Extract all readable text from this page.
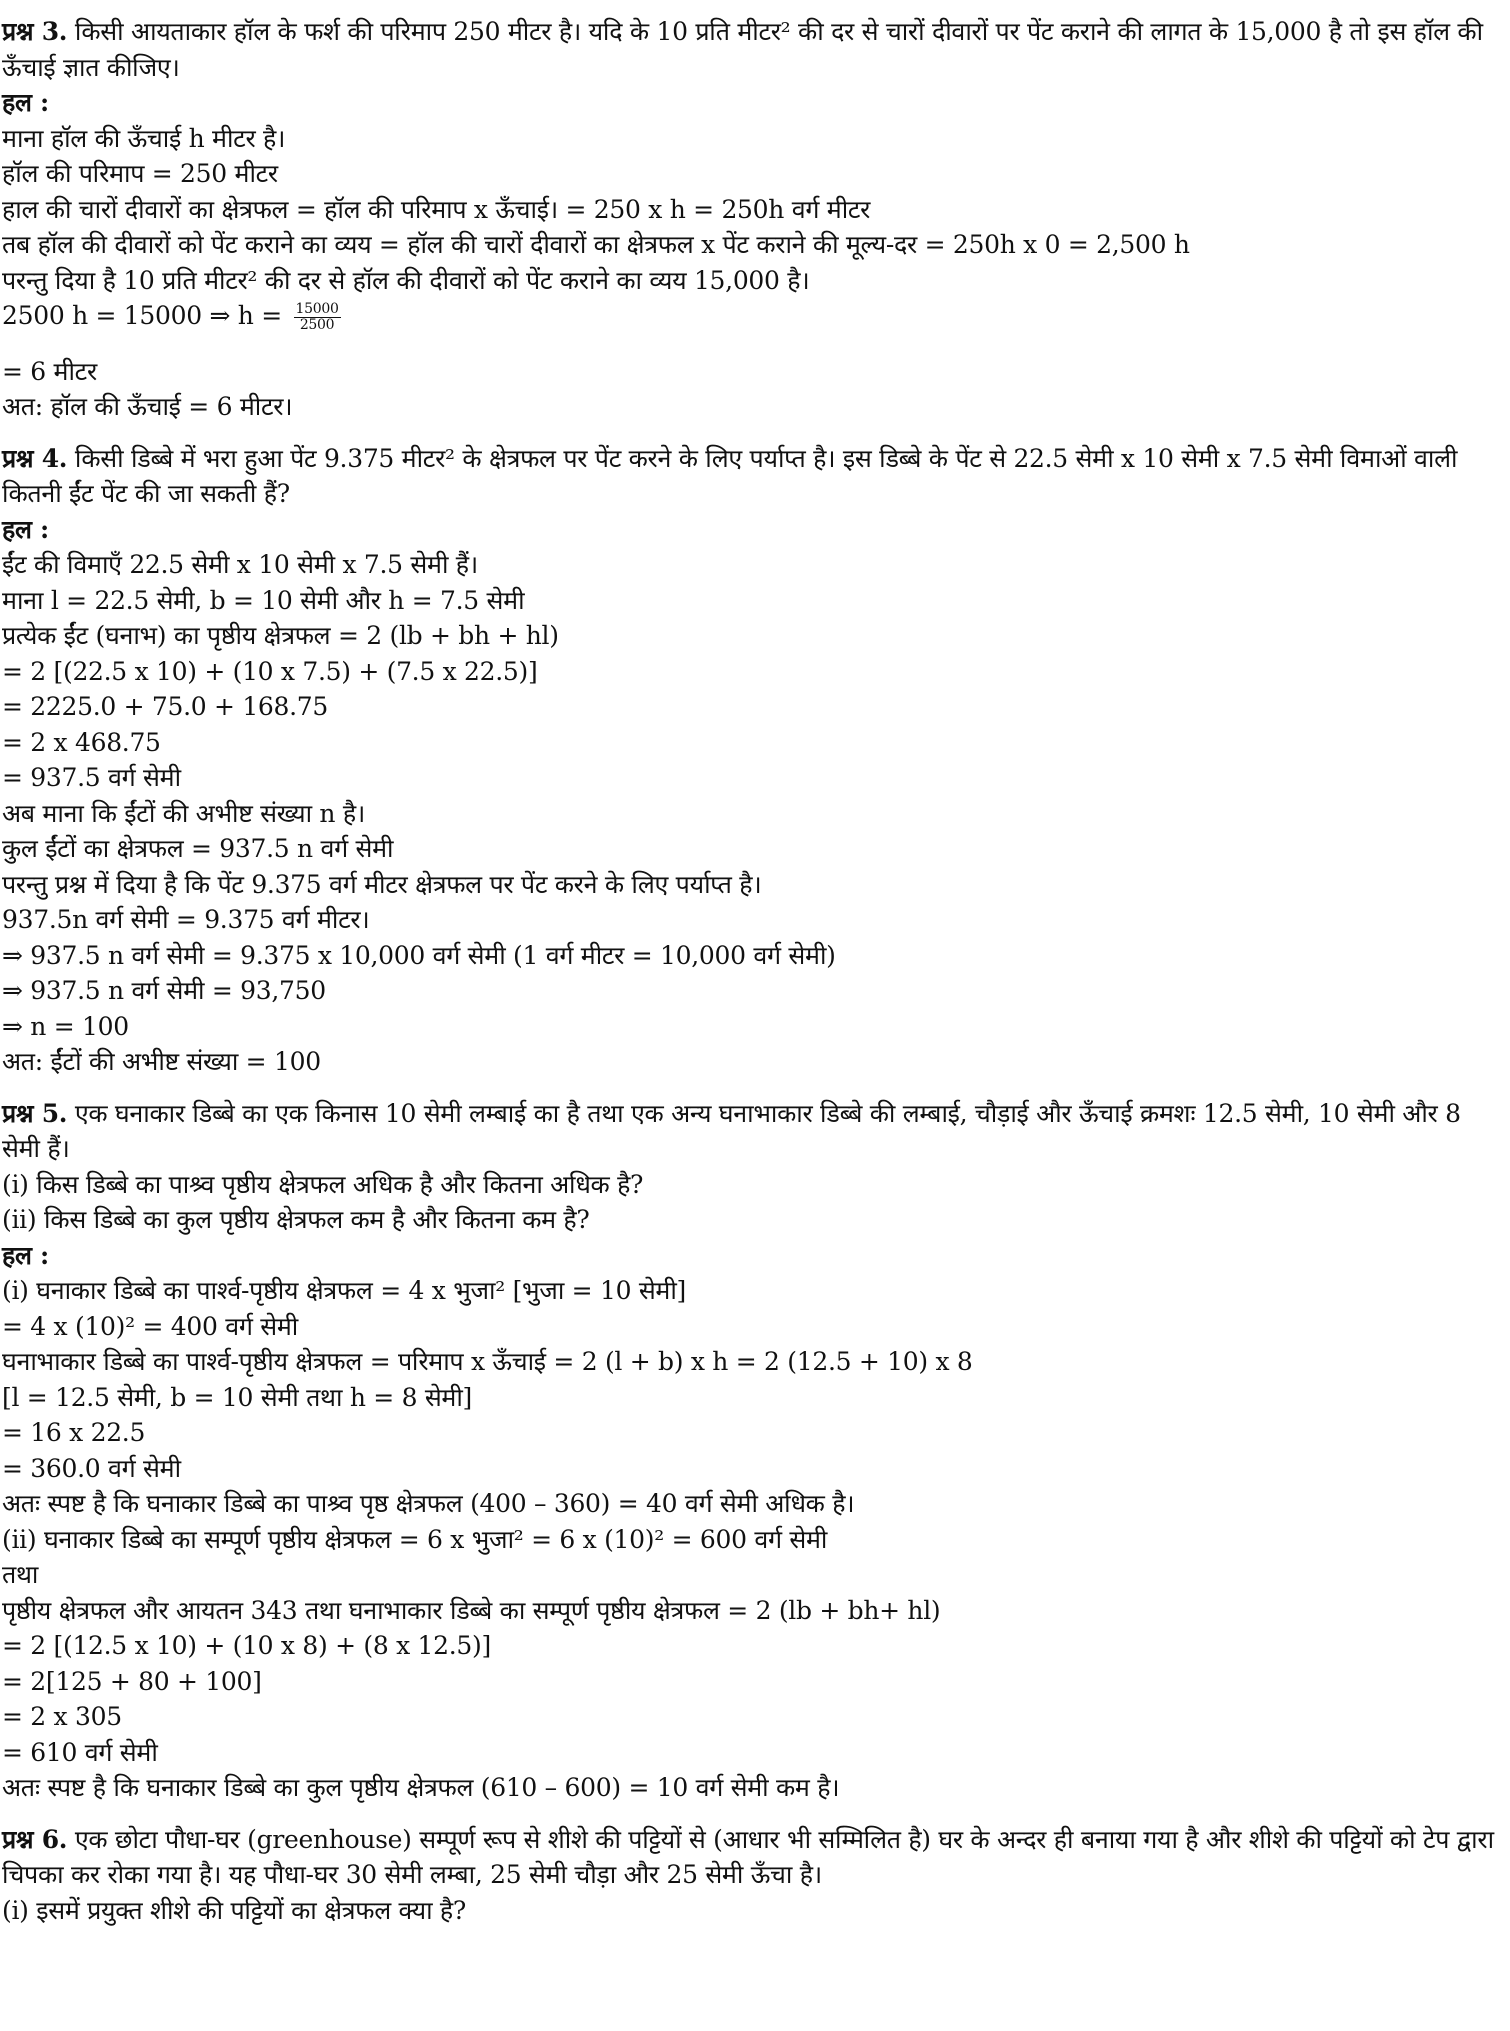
प्रश्न 3. किसी आयताकार हॉल के फर्श की परिमाप 250 मीटर है। यदि के 10 प्रति मीटर² की दर से चारों दीवारों पर पेंट कराने की लागत के 15,000 है तो इस हॉल की ऊँचाई ज्ञात कीजिए।
हल :
माना हॉल की ऊँचाई h मीटर है।
हॉल की परिमाप = 250 मीटर
हाल की चारों दीवारों का क्षेत्रफल = हॉल की परिमाप x ऊँचाई। = 250 x h = 250h वर्ग मीटर
तब हॉल की दीवारों को पेंट कराने का व्यय = हॉल की चारों दीवारों का क्षेत्रफल x पेंट कराने की मूल्य-दर = 250h x 0 = 2,500 h
परन्तु दिया है 10 प्रति मीटर² की दर से हॉल की दीवारों को पेंट कराने का व्यय 15,000 है।
2500 h = 15000 ⇒ $h = \frac{15000}{2500}$
= 6 मीटर
अत: हॉल की ऊँचाई = 6 मीटर।
प्रश्न 4. किसी डिब्बे में भरा हुआ पेंट 9.375 मीटर² के क्षेत्रफल पर पेंट करने के लिए पर्याप्त है। इस डिब्बे के पेंट से 22.5 सेमी x 10 सेमी x 7.5 सेमी विमाओं वाली कितनी ईंट पेंट की जा सकती हैं?
हल :
ईंट की विमाएँ 22.5 सेमी x 10 सेमी x 7.5 सेमी हैं।
माना l = 22.5 सेमी, b = 10 सेमी और h = 7.5 सेमी
प्रत्येक ईंट (घनाभ) का पृष्ठीय क्षेत्रफल = 2 (lb + bh + hl)
= 2 [(22.5 x 10) + (10 x 7.5) + (7.5 x 22.5)]
= 2225.0 + 75.0 + 168.75
= 2 x 468.75
= 937.5 वर्ग सेमी
अब माना कि ईंटों की अभीष्ट संख्या n है।
कुल ईंटों का क्षेत्रफल = 937.5 n वर्ग सेमी
परन्तु प्रश्न में दिया है कि पेंट 9.375 वर्ग मीटर क्षेत्रफल पर पेंट करने के लिए पर्याप्त है।
937.5n वर्ग सेमी = 9.375 वर्ग मीटर।
⇒ 937.5 n वर्ग सेमी = 9.375 x 10,000 वर्ग सेमी (1 वर्ग मीटर = 10,000 वर्ग सेमी)
⇒ 937.5 n वर्ग सेमी = 93,750
⇒ n = 100
अत: ईंटों की अभीष्ट संख्या = 100
प्रश्न 5. एक घनाकार डिब्बे का एक किनास 10 सेमी लम्बाई का है तथा एक अन्य घनाभाकार डिब्बे की लम्बाई, चौड़ाई और ऊँचाई क्रमशः 12.5 सेमी, 10 सेमी और 8 सेमी हैं।
(i) किस डिब्बे का पाश्र्व पृष्ठीय क्षेत्रफल अधिक है और कितना अधिक है?
(ii) किस डिब्बे का कुल पृष्ठीय क्षेत्रफल कम है और कितना कम है?
हल :
(i) घनाकार डिब्बे का पार्श्व-पृष्ठीय क्षेत्रफल = 4 x भुजा² [भुजा = 10 सेमी]
= 4 x (10)² = 400 वर्ग सेमी
घनाभाकार डिब्बे का पार्श्व-पृष्ठीय क्षेत्रफल = परिमाप x ऊँचाई = 2 (l + b) x h = 2 (12.5 + 10) x 8
[l = 12.5 सेमी, b = 10 सेमी तथा h = 8 सेमी]
= 16 x 22.5
= 360.0 वर्ग सेमी
अतः स्पष्ट है कि घनाकार डिब्बे का पाश्र्व पृष्ठ क्षेत्रफल (400 – 360) = 40 वर्ग सेमी अधिक है।
(ii) घनाकार डिब्बे का सम्पूर्ण पृष्ठीय क्षेत्रफल = 6 x भुजा² = 6 x (10)² = 600 वर्ग सेमी
तथा
पृष्ठीय क्षेत्रफल और आयतन 343 तथा घनाभाकार डिब्बे का सम्पूर्ण पृष्ठीय क्षेत्रफल = 2 (lb + bh+ hl)
= 2 [(12.5 x 10) + (10 x 8) + (8 x 12.5)]
= 2[125 + 80 + 100]
= 2 x 305
= 610 वर्ग सेमी
अतः स्पष्ट है कि घनाकार डिब्बे का कुल पृष्ठीय क्षेत्रफल (610 – 600) = 10 वर्ग सेमी कम है।
प्रश्न 6. एक छोटा पौधा-घर (greenhouse) सम्पूर्ण रूप से शीशे की पट्टियों से (आधार भी सम्मिलित है) घर के अन्दर ही बनाया गया है और शीशे की पट्टियों को टेप द्वारा चिपका कर रोका गया है। यह पौधा-घर 30 सेमी लम्बा, 25 सेमी चौड़ा और 25 सेमी ऊँचा है।
(i) इसमें प्रयुक्त शीशे की पट्टियों का क्षेत्रफल क्या है?
